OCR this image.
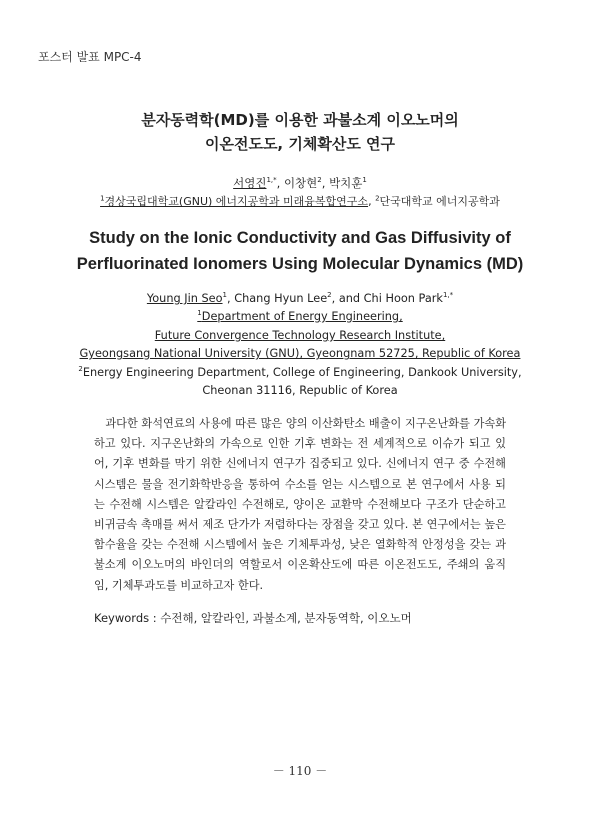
포스터 발표 MPC-4
분자동력학(MD)를 이용한 과불소계 이오노머의
이온전도도, 기체확산도 연구
서영진$^{1,*}$, 이창현$^2$, 박치훈$^1$
$^1$경상국립대학교(GNU) 에너지공학과 미래융복합연구소, $^2$단국대학교 에너지공학과
Study on the Ionic Conductivity and Gas Diffusivity of
Perfluorinated Ionomers Using Molecular Dynamics (MD)
Young Jin Seo$^1$, Chang Hyun Lee$^2$, and Chi Hoon Park$^{1,*}$
$^1$Department of Energy Engineering,
Future Convergence Technology Research Institute,
Gyeongsang National University (GNU), Gyeongnam 52725, Republic of Korea
$^2$Energy Engineering Department, College of Engineering, Dankook University,
Cheonan 31116, Republic of Korea
　과다한 화석연료의 사용에 따른 많은 양의 이산화탄소 배출이 지구온난화를 가속화하고 있다. 지구온난화의 가속으로 인한 기후 변화는 전 세계적으로 이슈가 되고 있어, 기후 변화를 막기 위한 신에너지 연구가 집중되고 있다. 신에너지 연구 중 수전해 시스템은 물을 전기화학반응을 통하여 수소를 얻는 시스템으로 본 연구에서 사용 되는 수전해 시스템은 알칼라인 수전해로, 양이온 교환막 수전해보다 구조가 단순하고 비귀금속 촉매를 써서 제조 단가가 저렴하다는 장점을 갖고 있다. 본 연구에서는 높은 함수율을 갖는 수전해 시스템에서 높은 기체투과성, 낮은 열화학적 안정성을 갖는 과불소계 이오노머의 바인더의 역할로서 이온확산도에 따른 이온전도도, 주쇄의 움직임, 기체투과도를 비교하고자 한다.
Keywords : 수전해, 알칼라인, 과불소계, 분자동역학, 이오노머
－ 110 －
